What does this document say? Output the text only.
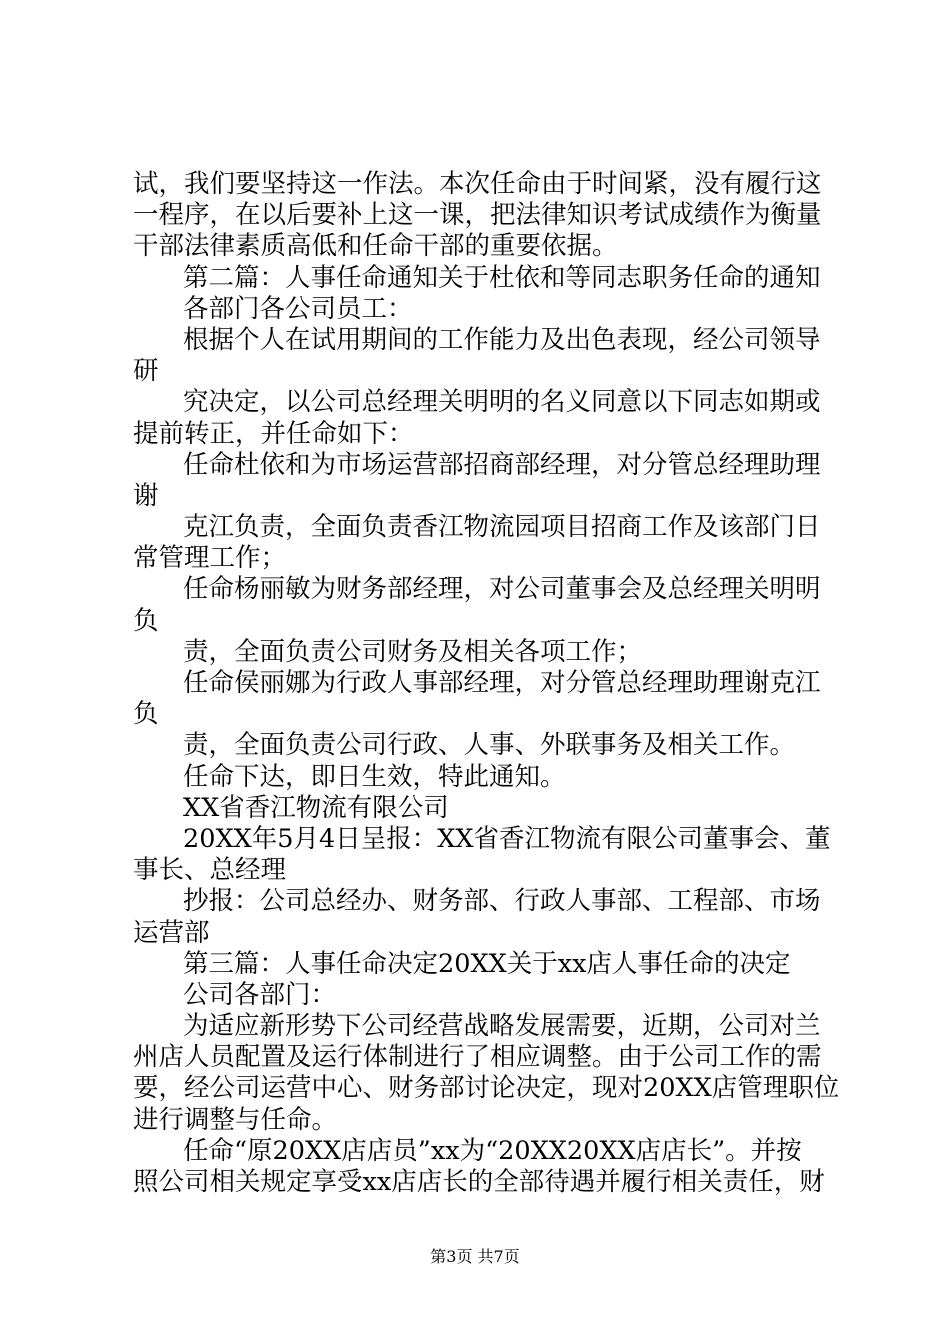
试，我们要坚持这一作法。本次任命由于时间紧，没有履行这
一程序，在以后要补上这一课，把法律知识考试成绩作为衡量
干部法律素质高低和任命干部的重要依据。
第二篇：人事任命通知关于杜依和等同志职务任命的通知
各部门各公司员工：
根据个人在试用期间的工作能力及出色表现，经公司领导
研
究决定，以公司总经理关明明的名义同意以下同志如期或
提前转正，并任命如下：
任命杜依和为市场运营部招商部经理，对分管总经理助理
谢
克江负责，全面负责香江物流园项目招商工作及该部门日
常管理工作；
任命杨丽敏为财务部经理，对公司董事会及总经理关明明
负
责，全面负责公司财务及相关各项工作；
任命侯丽娜为行政人事部经理，对分管总经理助理谢克江
负
责，全面负责公司行政、人事、外联事务及相关工作。
任命下达，即日生效，特此通知。
XX省香江物流有限公司
20XX年5月4日呈报：XX省香江物流有限公司董事会、董
事长、总经理
抄报：公司总经办、财务部、行政人事部、工程部、市场
运营部
第三篇：人事任命决定20XX关于xx店人事任命的决定
公司各部门：
为适应新形势下公司经营战略发展需要，近期，公司对兰
州店人员配置及运行体制进行了相应调整。由于公司工作的需
要，经公司运营中心、财务部讨论决定，现对20XX店管理职位
进行调整与任命。
任命“原20XX店店员”xx为“20XX20XX店店长”。并按
照公司相关规定享受xx店店长的全部待遇并履行相关责任，财
第3页 共7页
